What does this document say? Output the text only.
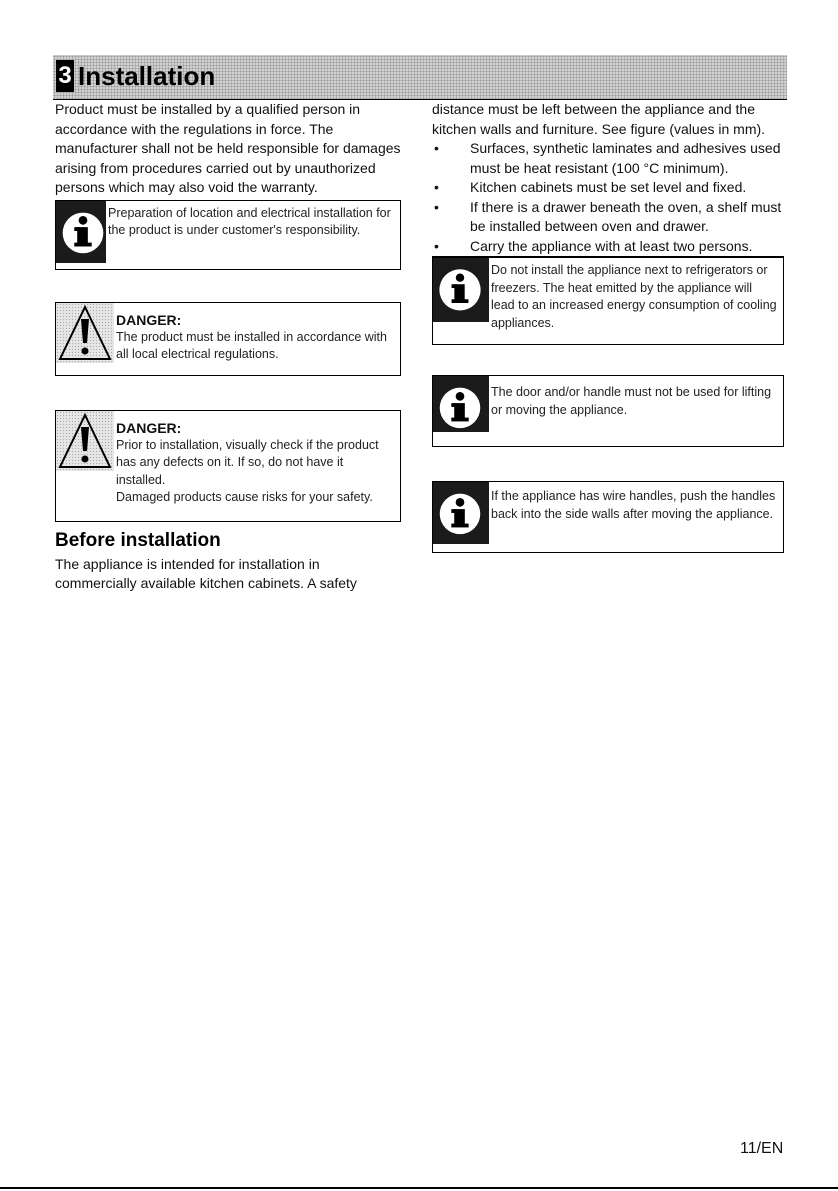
3 Installation

Product must be installed by a qualified person in accordance with the regulations in force. The manufacturer shall not be held responsible for damages arising from procedures carried out by unauthorized persons which may also void the warranty.

Preparation of location and electrical installation for the product is under customer's responsibility.
DANGER:
The product must be installed in accordance with all local electrical regulations.
DANGER:
Prior to installation, visually check if the product has any defects on it. If so, do not have it installed.
Damaged products cause risks for your safety.
Before installation

The appliance is intended for installation in commercially available kitchen cabinets. A safety

distance must be left between the appliance and the kitchen walls and furniture. See figure (values in mm).

• Surfaces, synthetic laminates and adhesives used must be heat resistant (100 °C minimum).
• Kitchen cabinets must be set level and fixed.
• If there is a drawer beneath the oven, a shelf must be installed between oven and drawer.
• Carry the appliance with at least two persons.
Do not install the appliance next to refrigerators or freezers. The heat emitted by the appliance will lead to an increased energy consumption of cooling appliances.
The door and/or handle must not be used for lifting or moving the appliance.
If the appliance has wire handles, push the handles back into the side walls after moving the appliance.
11/EN
